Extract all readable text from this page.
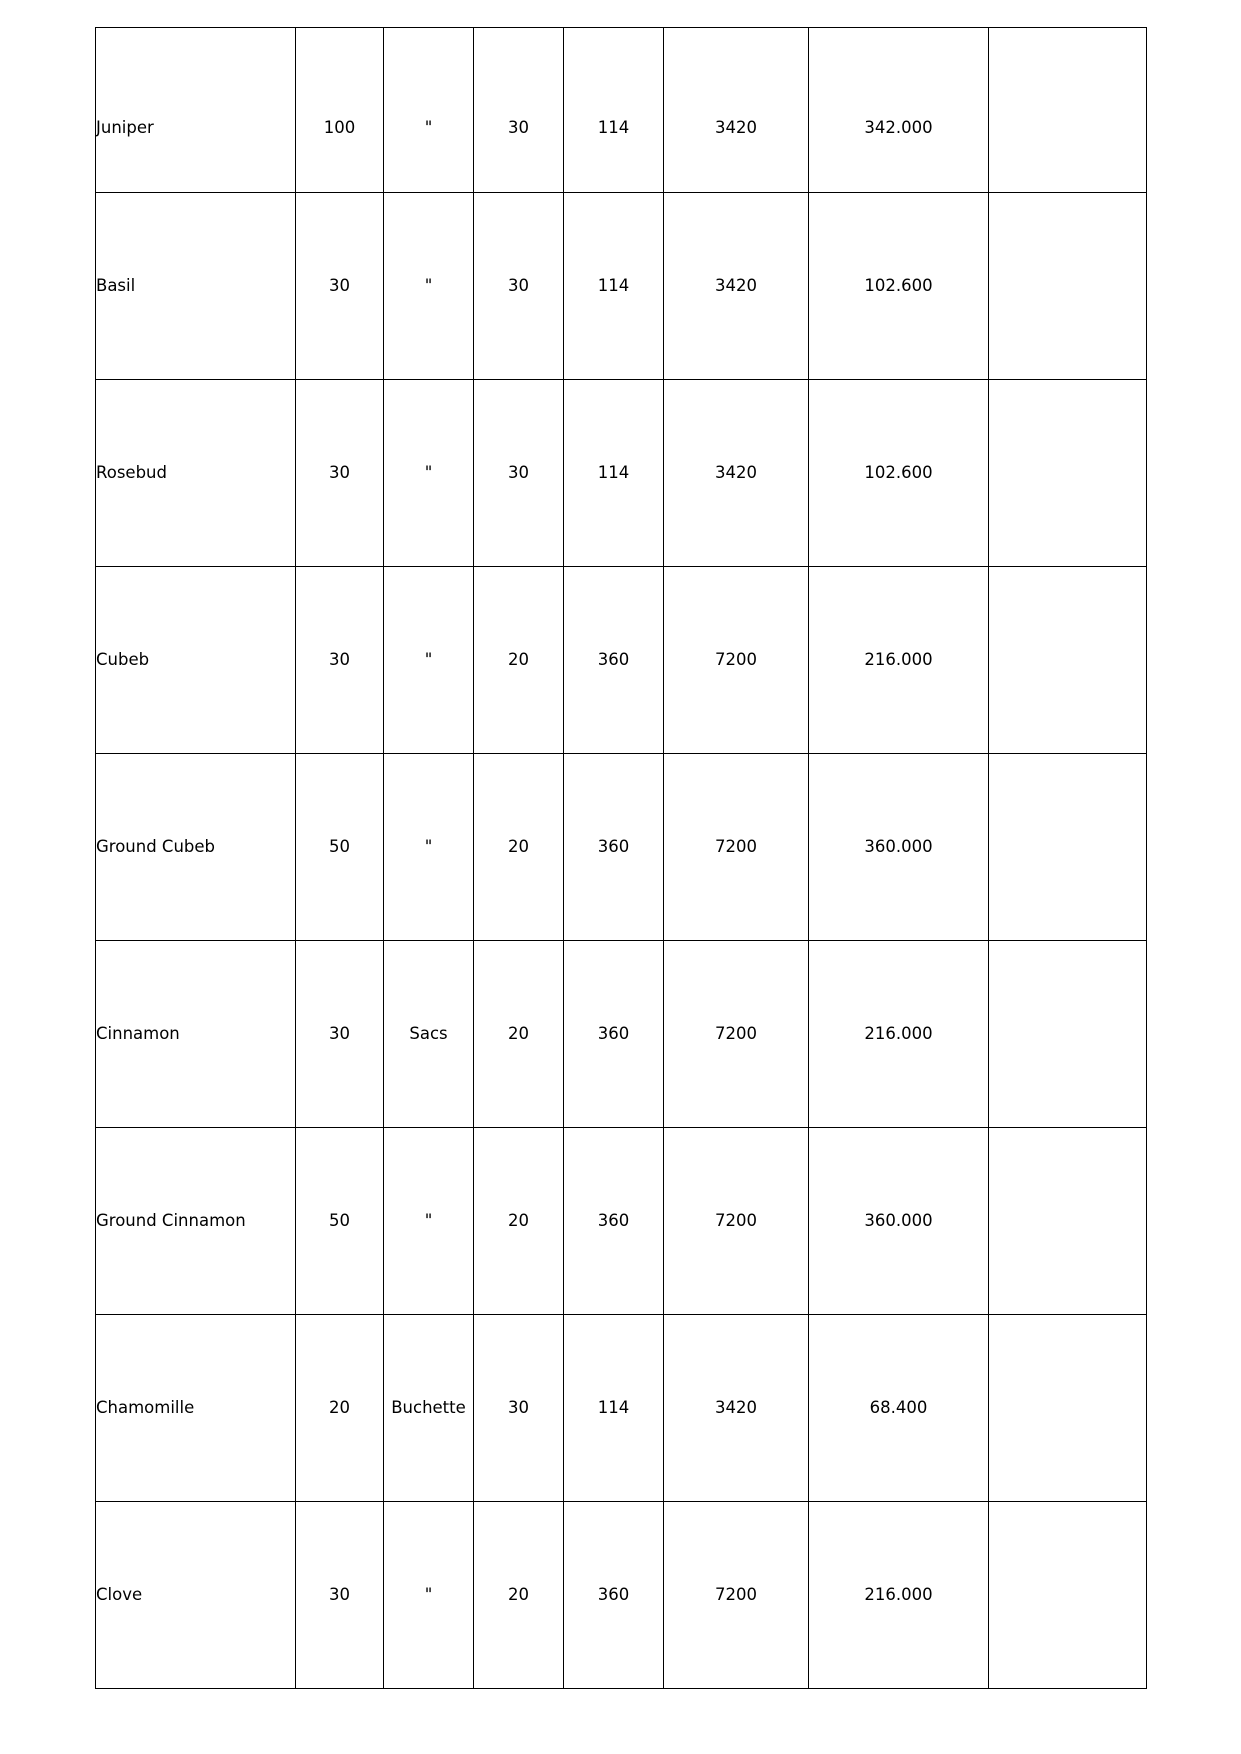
Juniper	100	"	30	114	3420	342.000	
Basil	30	"	30	114	3420	102.600	
Rosebud	30	"	30	114	3420	102.600	
Cubeb	30	"	20	360	7200	216.000	
Ground Cubeb	50	"	20	360	7200	360.000	
Cinnamon	30	Sacs	20	360	7200	216.000	
Ground Cinnamon	50	"	20	360	7200	360.000	
Chamomille	20	Buchette	30	114	3420	68.400	
Clove	30	"	20	360	7200	216.000	
